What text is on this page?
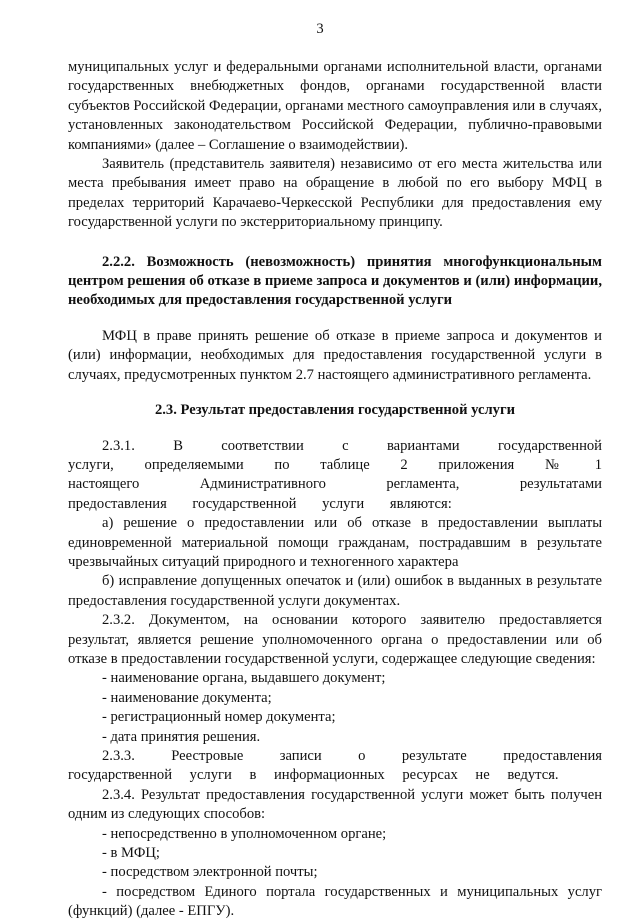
3

муниципальных услуг и федеральными органами исполнительной власти, органами государственных внебюджетных фондов, органами государственной власти субъектов Российской Федерации, органами местного самоуправления или в случаях, установленных законодательством Российской Федерации, публично-правовыми компаниями» (далее – Соглашение о взаимодействии).

Заявитель (представитель заявителя) независимо от его места жительства или места пребывания имеет право на обращение в любой по его выбору МФЦ в пределах территорий Карачаево-Черкесской Республики для предоставления ему государственной услуги по экстерриториальному принципу.

2.2.2. Возможность (невозможность) принятия многофункциональным центром решения об отказе в приеме запроса и документов и (или) информации, необходимых для предоставления государственной услуги

МФЦ в праве принять решение об отказе в приеме запроса и документов и (или) информации, необходимых для предоставления государственной услуги в случаях, предусмотренных пунктом 2.7 настоящего административного регламента.

2.3. Результат предоставления государственной услуги

2.3.1. В соответствии с вариантами государственной услуги, определяемыми по таблице 2 приложения № 1 настоящего Административного регламента, результатами предоставления государственной услуги являются:

а) решение о предоставлении или об отказе в предоставлении выплаты единовременной материальной помощи гражданам, пострадавшим в результате чрезвычайных ситуаций природного и техногенного характера

б) исправление допущенных опечаток и (или) ошибок в выданных в результате предоставления государственной услуги документах.

2.3.2. Документом, на основании которого заявителю предоставляется результат, является решение уполномоченного органа о предоставлении или об отказе в предоставлении государственной услуги, содержащее следующие сведения:

- наименование органа, выдавшего документ;

- наименование документа;

- регистрационный номер документа;

- дата принятия решения.

2.3.3. Реестровые записи о результате предоставления государственной услуги в информационных ресурсах не ведутся.

2.3.4. Результат предоставления государственной услуги может быть получен одним из следующих способов:

- непосредственно в уполномоченном органе;

- в МФЦ;

- посредством электронной почты;

- посредством Единого портала государственных и муниципальных услуг (функций) (далее - ЕПГУ).
